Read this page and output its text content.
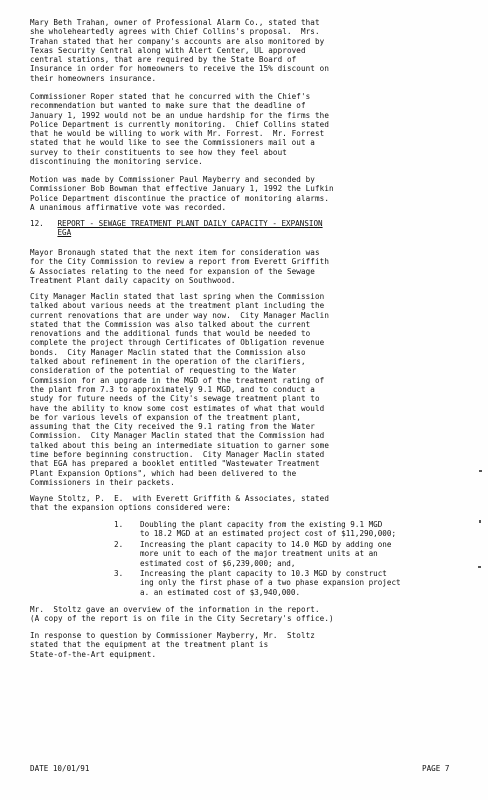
Mary Beth Trahan, owner of Professional Alarm Co., stated that
she wholeheartedly agrees with Chief Collins's proposal.  Mrs.
Trahan stated that her company's accounts are also monitored by
Texas Security Central along with Alert Center, UL approved
central stations, that are required by the State Board of
Insurance in order for homeowners to receive the 15% discount on
their homeowners insurance.
Commissioner Roper stated that he concurred with the Chief's
recommendation but wanted to make sure that the deadline of
January 1, 1992 would not be an undue hardship for the firms the
Police Department is currently monitoring.  Chief Collins stated
that he would be willing to work with Mr. Forrest.  Mr. Forrest
stated that he would like to see the Commissioners mail out a
survey to their constituents to see how they feel about
discontinuing the monitoring service.
Motion was made by Commissioner Paul Mayberry and seconded by
Commissioner Bob Bowman that effective January 1, 1992 the Lufkin
Police Department discontinue the practice of monitoring alarms.
A unanimous affirmative vote was recorded.
12. REPORT - SEWAGE TREATMENT PLANT DAILY CAPACITY - EXPANSION
EGA
Mayor Bronaugh stated that the next item for consideration was
for the City Commission to review a report from Everett Griffith
& Associates relating to the need for expansion of the Sewage
Treatment Plant daily capacity on Southwood.
City Manager Maclin stated that last spring when the Commission
talked about various needs at the treatment plant including the
current renovations that are under way now.  City Manager Maclin
stated that the Commission was also talked about the current
renovations and the additional funds that would be needed to
complete the project through Certificates of Obligation revenue
bonds.  City Manager Maclin stated that the Commission also
talked about refinement in the operation of the clarifiers,
consideration of the potential of requesting to the Water
Commission for an upgrade in the MGD of the treatment rating of
the plant from 7.3 to approximately 9.1 MGD, and to conduct a
study for future needs of the City's sewage treatment plant to
have the ability to know some cost estimates of what that would
be for various levels of expansion of the treatment plant,
assuming that the City received the 9.1 rating from the Water
Commission.  City Manager Maclin stated that the Commission had
talked about this being an intermediate situation to garner some
time before beginning construction.  City Manager Maclin stated
that EGA has prepared a booklet entitled "Wastewater Treatment
Plant Expansion Options", which had been delivered to the
Commissioners in their packets.
Wayne Stoltz, P.  E.  with Everett Griffith & Associates, stated
that the expansion options considered were:
1. Doubling the plant capacity from the existing 9.1 MGD
to 18.2 MGD at an estimated project cost of $11,290,000;
2. Increasing the plant capacity to 14.0 MGD by adding one
more unit to each of the major treatment units at an
estimated cost of $6,239,000; and,
3. Increasing the plant capacity to 10.3 MGD by construct
ing only the first phase of a two phase expansion project
a. an estimated cost of $3,940,000.
Mr.  Stoltz gave an overview of the information in the report.
(A copy of the report is on file in the City Secretary's office.)
In response to question by Commissioner Mayberry, Mr.  Stoltz
stated that the equipment at the treatment plant is
State-of-the-Art equipment.
DATE 10/01/91	PAGE 7
